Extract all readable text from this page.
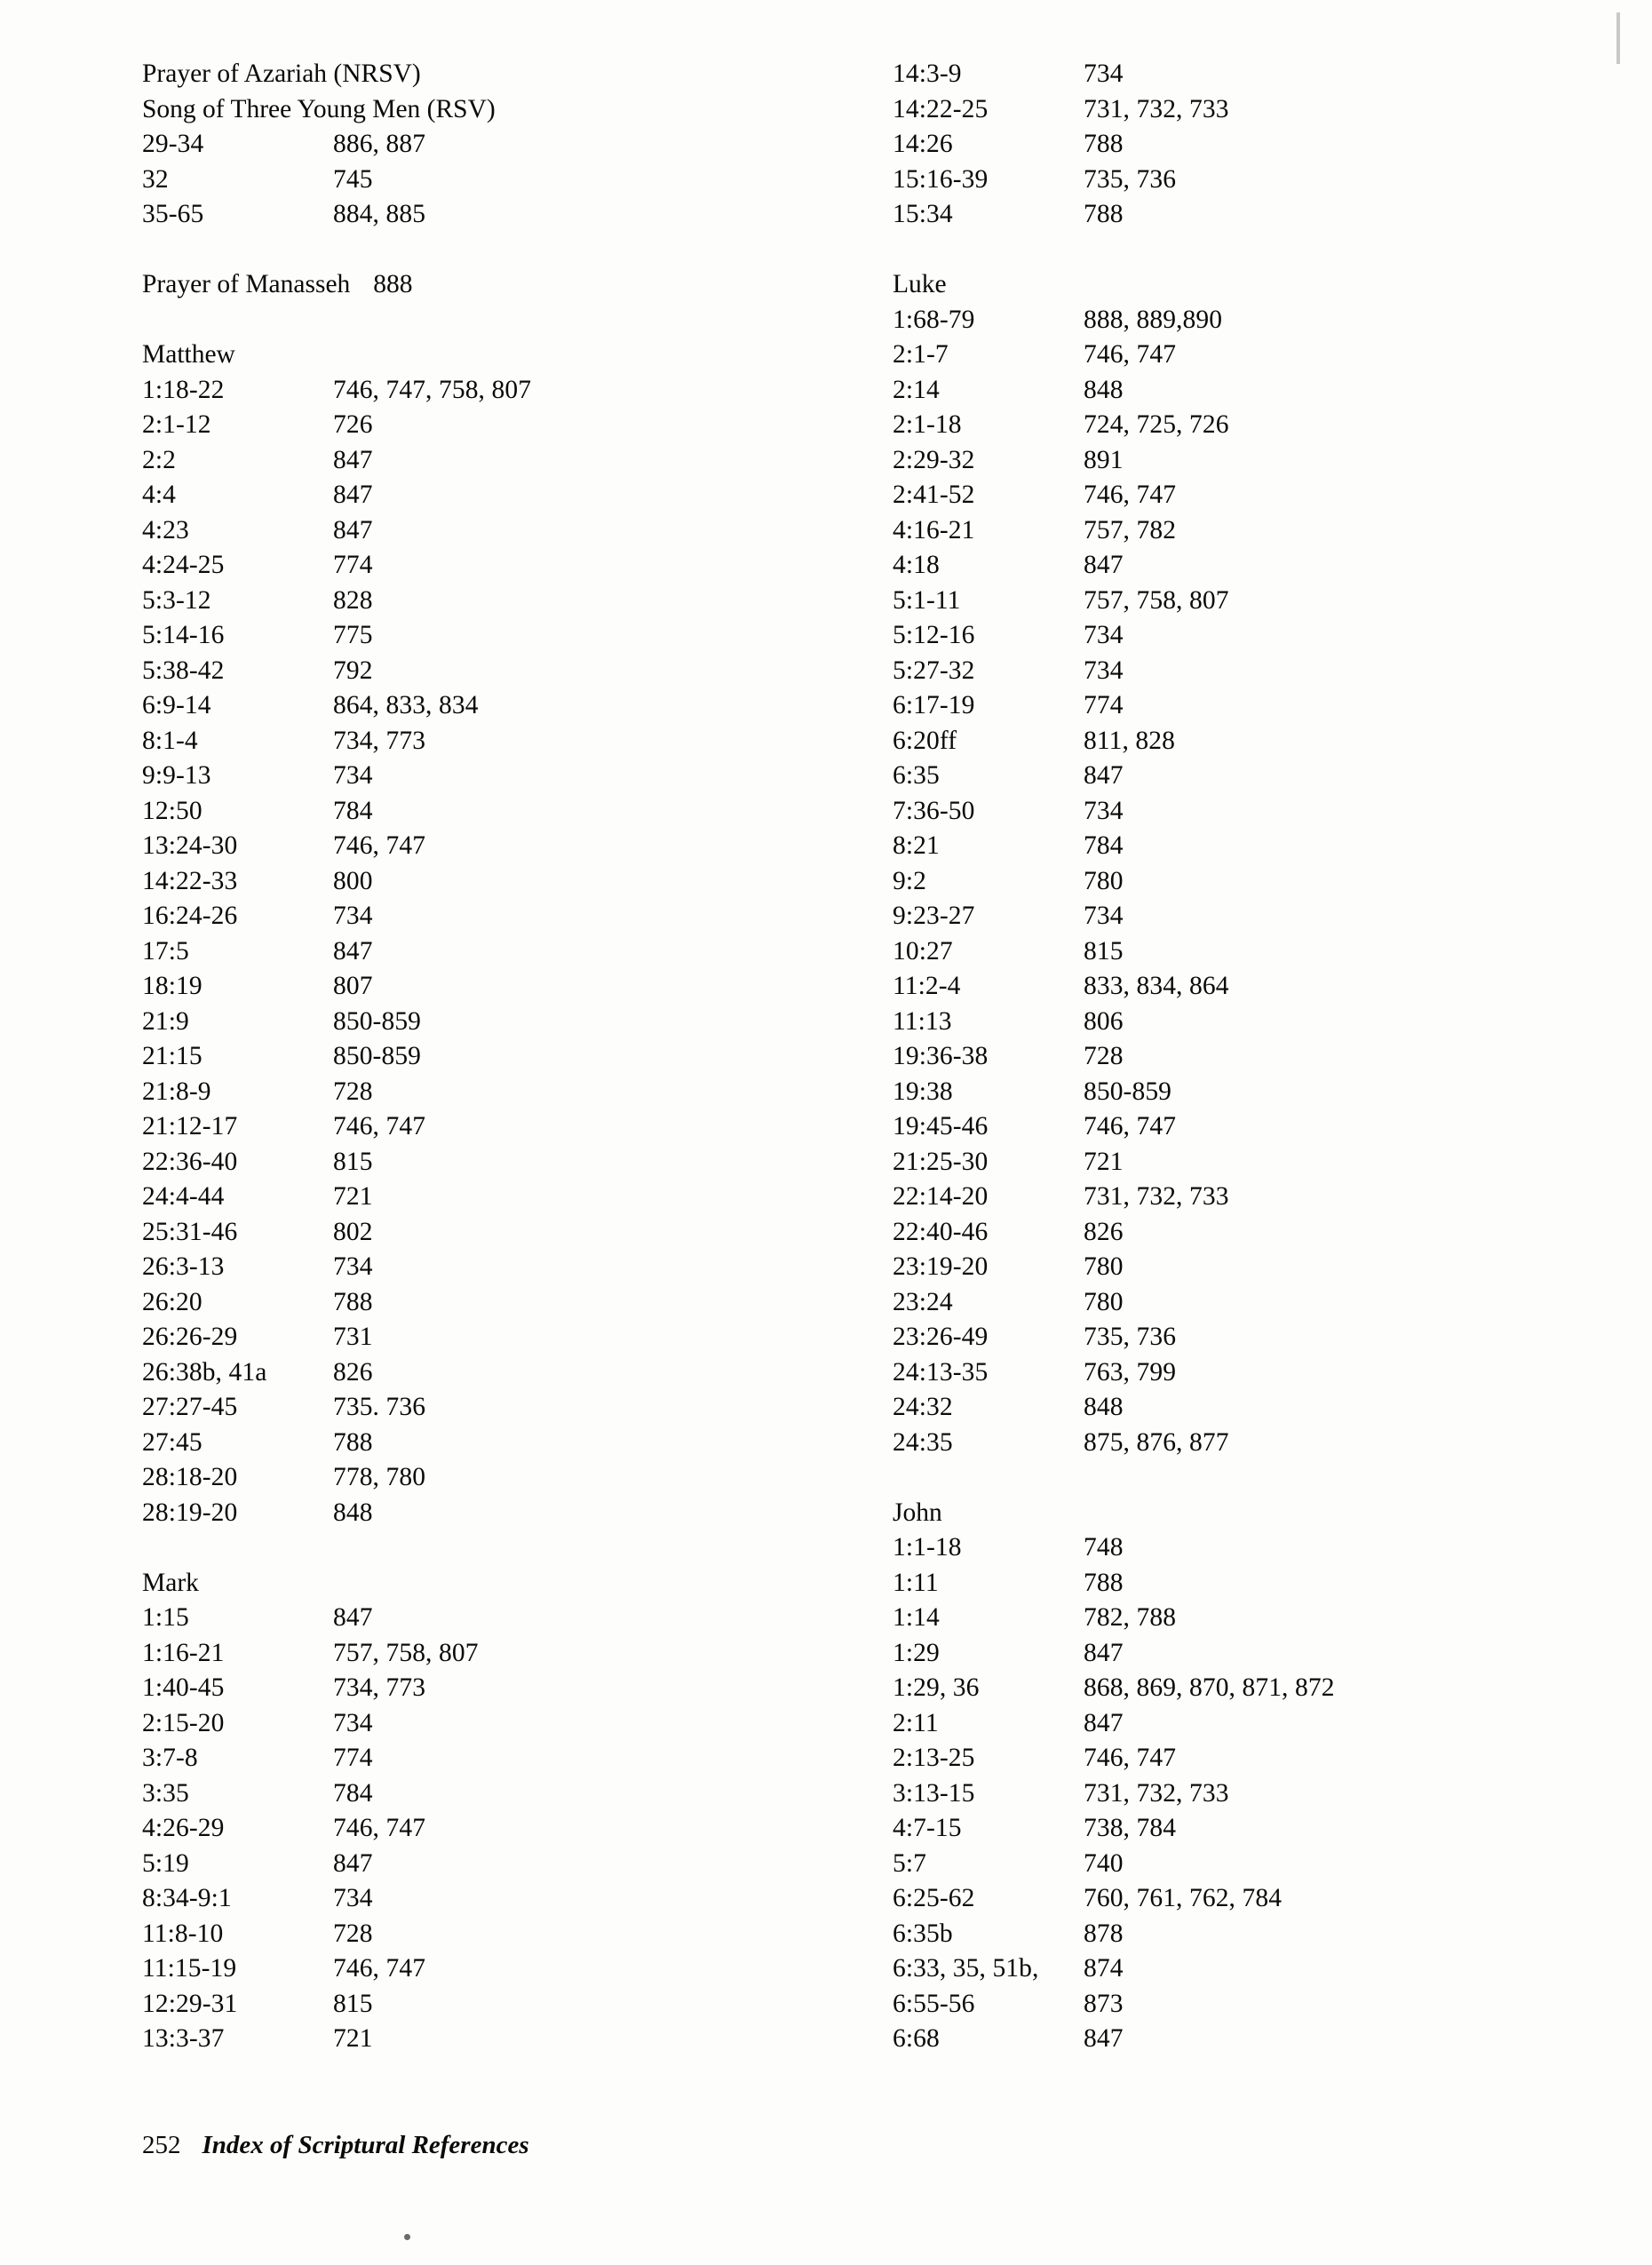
Prayer of Azariah (NRSV)
Song of Three Young Men (RSV)
29-34	886, 887
32	745
35-65	884, 885
Prayer of Manasseh 888
Matthew
1:18-22	746, 747, 758, 807
2:1-12	726
2:2	847
4:4	847
4:23	847
4:24-25	774
5:3-12	828
5:14-16	775
5:38-42	792
6:9-14	864, 833, 834
8:1-4	734, 773
9:9-13	734
12:50	784
13:24-30	746, 747
14:22-33	800
16:24-26	734
17:5	847
18:19	807
21:9	850-859
21:15	850-859
21:8-9	728
21:12-17	746, 747
22:36-40	815
24:4-44	721
25:31-46	802
26:3-13	734
26:20	788
26:26-29	731
26:38b, 41a	826
27:27-45	735. 736
27:45	788
28:18-20	778, 780
28:19-20	848
Mark
1:15	847
1:16-21	757, 758, 807
1:40-45	734, 773
2:15-20	734
3:7-8	774
3:35	784
4:26-29	746, 747
5:19	847
8:34-9:1	734
11:8-10	728
11:15-19	746, 747
12:29-31	815
13:3-37	721
14:3-9	734
14:22-25	731, 732, 733
14:26	788
15:16-39	735, 736
15:34	788
Luke
1:68-79	888, 889,890
2:1-7	746, 747
2:14	848
2:1-18	724, 725, 726
2:29-32	891
2:41-52	746, 747
4:16-21	757, 782
4:18	847
5:1-11	757, 758, 807
5:12-16	734
5:27-32	734
6:17-19	774
6:20ff	811, 828
6:35	847
7:36-50	734
8:21	784
9:2	780
9:23-27	734
10:27	815
11:2-4	833, 834, 864
11:13	806
19:36-38	728
19:38	850-859
19:45-46	746, 747
21:25-30	721
22:14-20	731, 732, 733
22:40-46	826
23:19-20	780
23:24	780
23:26-49	735, 736
24:13-35	763, 799
24:32	848
24:35	875, 876, 877
John
1:1-18	748
1:11	788
1:14	782, 788
1:29	847
1:29, 36	868, 869, 870, 871, 872
2:11	847
2:13-25	746, 747
3:13-15	731, 732, 733
4:7-15	738, 784
5:7	740
6:25-62	760, 761, 762, 784
6:35b	878
6:33, 35, 51b,	874
6:55-56	873
6:68	847
252 Index of Scriptural References
